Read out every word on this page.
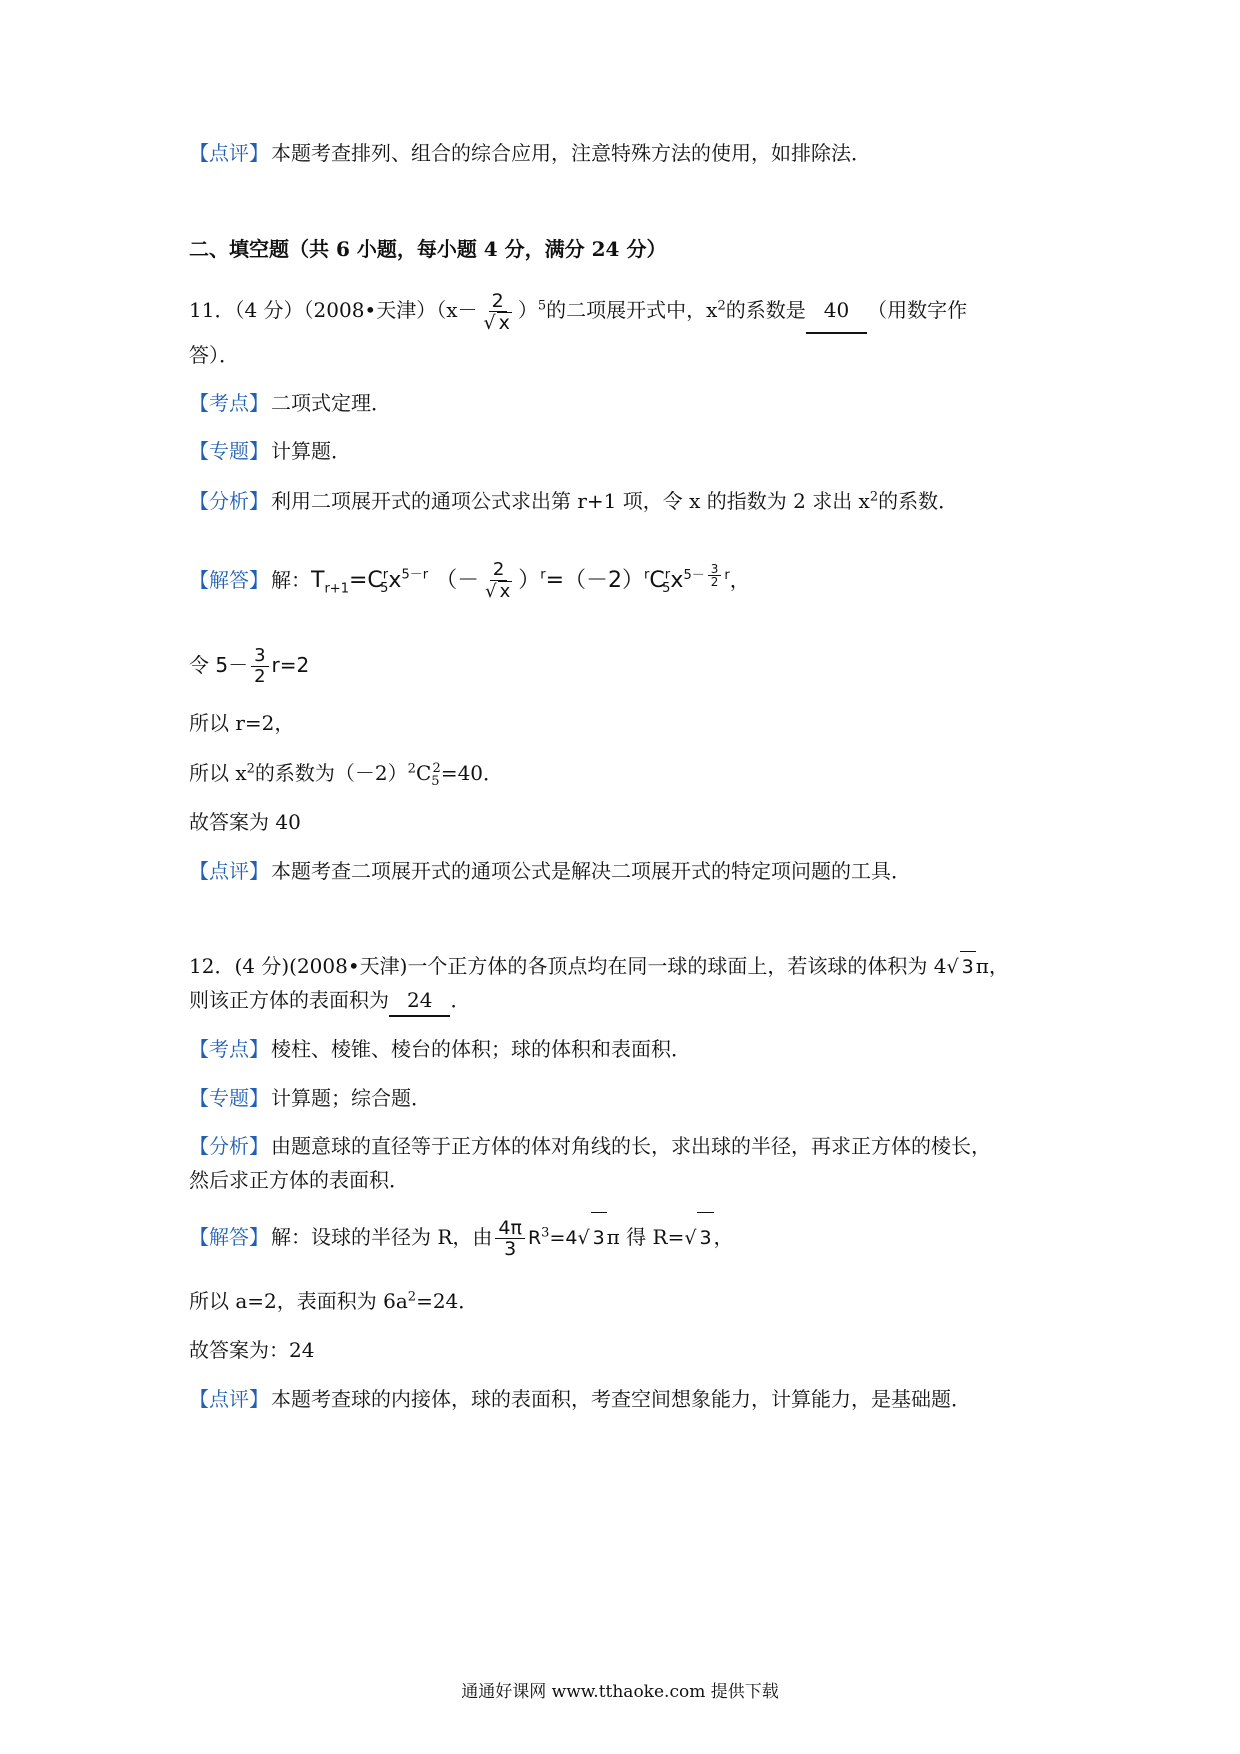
【点评】 本题考查排列、组合的综合应用，注意特殊方法的使用，如排除法．
二、填空题（共 6 小题，每小题 4 分，满分 24 分）
11．（4 分）（2008•天津）$(x- \frac{2}{√ x} )^5$的二项展开式中，$x^2$的系数是 40 （用数字作
答）．
【考点】 二项式定理．
【专题】 计算题．
【分析】 利用二项展开式的通项公式求出第 r+1 项，令 x 的指数为 2 求出 $x^2$的系数．
【解答】 解：$T_{r+1}=C^r_5x^{5-r}$ （－ $\frac{2}{√ x} )^r=(-2)^rC^r_5x^{5- \frac{3}{2} r}$，
令 $5- \frac{3}{2} r=2$
所以 r=2，
所以 $x^2$的系数为$(-2)^2C_5^2=40$．
故答案为 40
【点评】 本题考查二项展开式的通项公式是解决二项展开式的特定项问题的工具．
12．(4 分)(2008•天津)一个正方体的各顶点均在同一球的球面上，若该球的体积为 4√ 3 π，
则该正方体的表面积为 24 ．
【考点】 棱柱、棱锥、棱台的体积；球的体积和表面积．
【专题】 计算题；综合题．
【分析】 由题意球的直径等于正方体的体对角线的长，求出球的半径，再求正方体的棱长，
然后求正方体的表面积．
【解答】 解：设球的半径为 R，由 $\frac{4\pi}{3} R^3=4√$ 3 π 得 R=√ 3 ，
所以 a=2，表面积为 $6a^2=24$．
故答案为：24
【点评】 本题考查球的内接体，球的表面积，考查空间想象能力，计算能力，是基础题．
通通好课网 www.tthaoke.com 提供下载
